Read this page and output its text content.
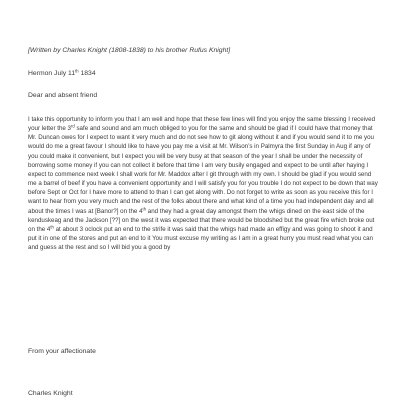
[Written by Charles Knight (1808-1838) to his brother Rufus Knight]

Hermon July 11th 1834

Dear and absent friend

I take this opportunity to inform you that I am well and hope that these few lines will find you enjoy the same blessing I received your letter the 3rd safe and sound and am much obliged to you for the same and should be glad if I could have that money that Mr. Duncan owes for I expect to want it very much and do not see how to git along without it and if you would send it to me you would do me a great favour I should like to have you pay me a visit at Mr. Wilson’s in Palmyra the first Sunday in Aug if any of you could make it convenient, but I expect you will be very busy at that season of the year I shall be under the necessity of borrowing some money if you can not collect it before that time I am very busily engaged and expect to be until after haying I expect to commence next week I shall work for Mr. Maddox after I git through with my own. I should be glad if you would send me a barrel of beef if you have a convenient opportunity and I will satisfy you for you trouble I do not expect to be down that way before Sept or Oct for I have more to attend to than I can get along with. Do not forget to write as soon as you receive this for I want to hear from you very much and the rest of the folks about there and what kind of a time you had independent day and all about the times I was at [Banor?] on the 4th and they had a great day amongst them the whigs dined on the east side of the kenduskeag and the Jackson [??] on the west it was expected that there would be bloodshed but the great fire which broke out on the 4th at about 3 oclock put an end to the strife it was said that the whigs had made an effigy and was going to shoot it and put it in one of the stores and put an end to it You must excuse my writing as I am in a great hurry you must read what you can and guess at the rest and so I will bid you a good by

From your affectionate

Charles Knight
